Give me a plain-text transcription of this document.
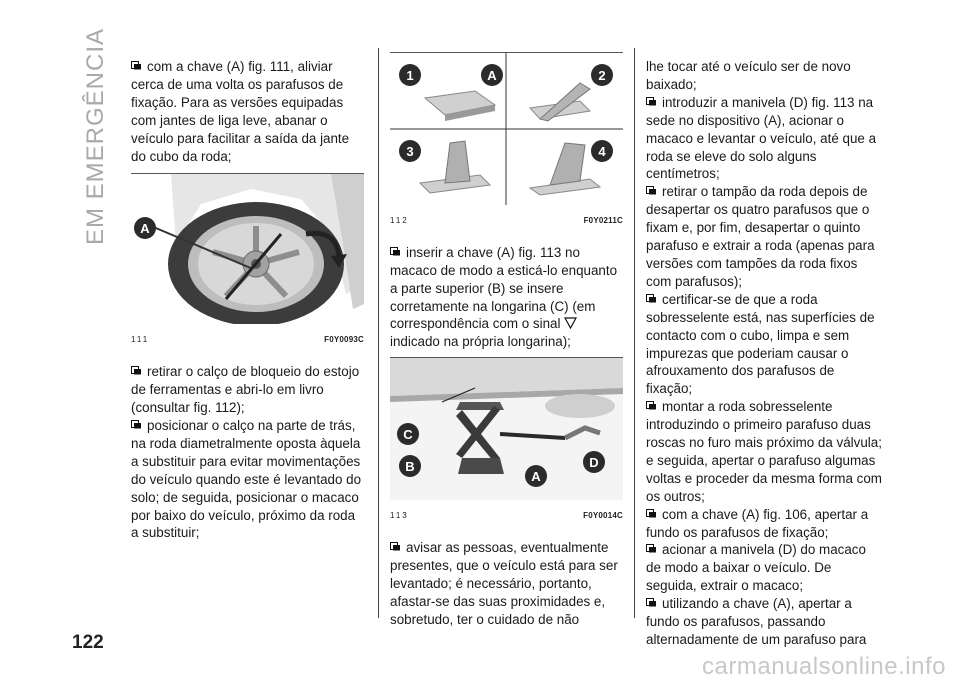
EM EMERGÊNCIA
122

com a chave (A) fig. 111, aliviar cerca de uma volta os parafusos de fixação. Para as versões equipadas com jantes de liga leve, abanar o veículo para facilitar a saída da jante do cubo da roda;

A
111	F0Y0093C

retirar o calço de bloqueio do estojo de ferramentas e abri-lo em livro (consultar fig. 112);

posicionar o calço na parte de trás, na roda diametralmente oposta àquela a substituir para evitar movimentações do veículo quando este é levantado do solo; de seguida, posicionar o macaco por baixo do veículo, próximo da roda a substituir;

1	A	2
3	4
112	F0Y0211C

inserir a chave (A) fig. 113 no macaco de modo a esticá-lo enquanto a parte superior (B) se insere corretamente na longarina (C) (em correspondência com o sinal  indicado na própria longarina);

C
B
A
D
113	F0Y0014C

avisar as pessoas, eventualmente presentes, que o veículo está para ser levantado; é necessário, portanto, afastar-se das suas proximidades e, sobretudo, ter o cuidado de não

lhe tocar até o veículo ser de novo baixado;

introduzir a manivela (D) fig. 113 na sede no dispositivo (A), acionar o macaco e levantar o veículo, até que a roda se eleve do solo alguns centímetros;

retirar o tampão da roda depois de desapertar os quatro parafusos que o fixam e, por fim, desapertar o quinto parafuso e extrair a roda (apenas para versões com tampões da roda fixos com parafusos);

certificar-se de que a roda sobresselente está, nas superfícies de contacto com o cubo, limpa e sem impurezas que poderiam causar o afrouxamento dos parafusos de fixação;

montar a roda sobresselente introduzindo o primeiro parafuso duas roscas no furo mais próximo da válvula; e seguida, apertar o parafuso algumas voltas e proceder da mesma forma com os outros;

com a chave (A) fig. 106, apertar a fundo os parafusos de fixação;

acionar a manivela (D) do macaco de modo a baixar o veículo. De seguida, extrair o macaco;

utilizando a chave (A), apertar a fundo os parafusos, passando alternadamente de um parafuso para

carmanualsonline.info
